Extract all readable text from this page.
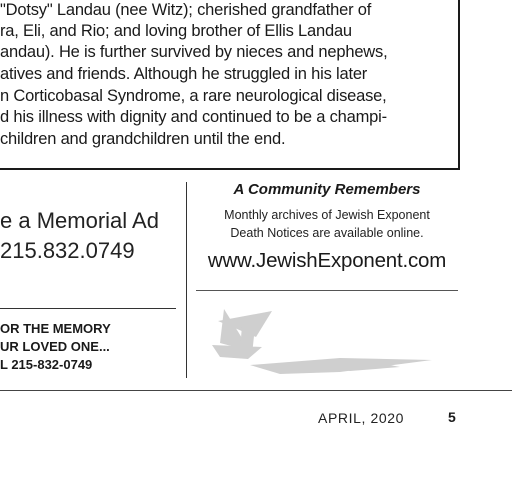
"Dotsy" Landau (nee Witz); cherished grandfather of
ra, Eli, and Rio; and loving brother of Ellis Landau
andau). He is further survived by nieces and nephews,
atives and friends. Although he struggled in his later
n Corticobasal Syndrome, a rare neurological disease,
d his illness with dignity and continued to be a champi-
children and grandchildren until the end.
e a Memorial Ad
215.832.0749
OR THE MEMORY
UR LOVED ONE...
L 215-832-0749
A Community Remembers
Monthly archives of Jewish Exponent
Death Notices are available online.
www.JewishExponent.com
APRIL, 2020	5
